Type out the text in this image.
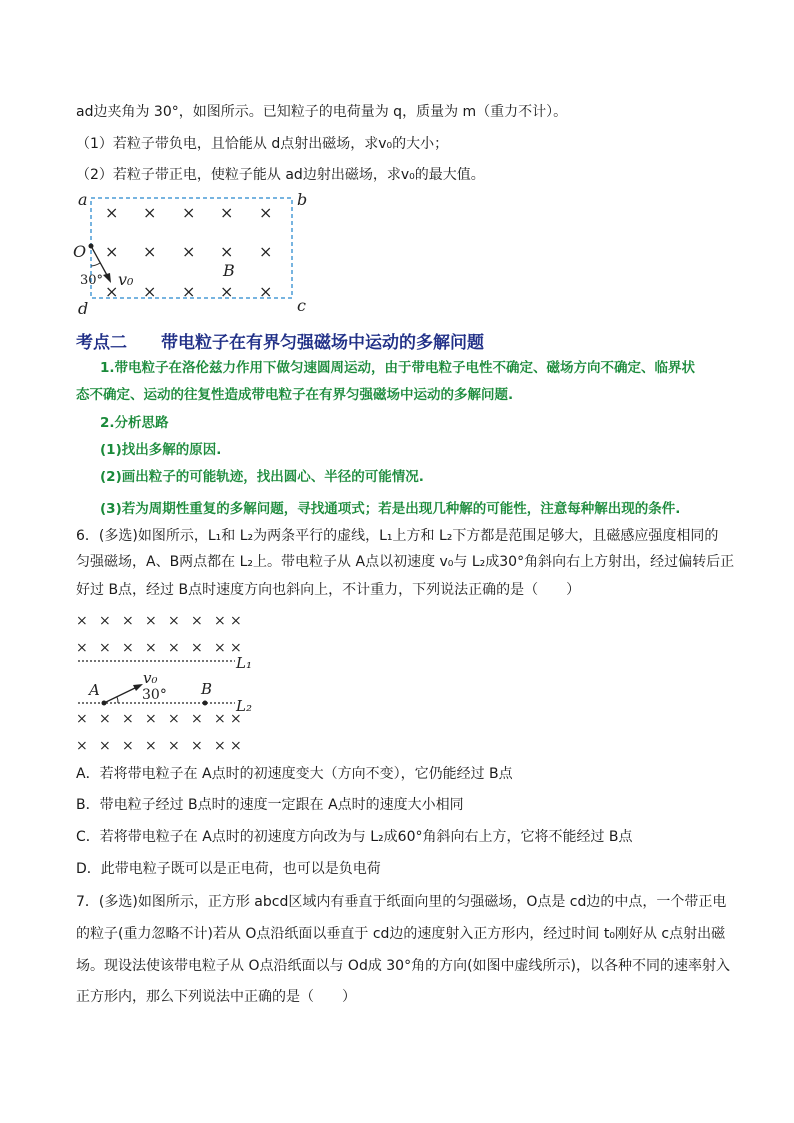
ad边夹角为 30°，如图所示。已知粒子的电荷量为 q，质量为 m（重力不计）。
（1）若粒子带负电，且恰能从 d点射出磁场，求v₀的大小；
（2）若粒子带正电，使粒子能从 ad边射出磁场，求v₀的最大值。
× × × × ×
× × × × ×
× × × × ×
a	b
c
d
O
B
v₀
30°
× × × × × × × ×
× × × × × × × ×
× × × × × × × ×
× × × × × × × ×
L₁
L₂
A	B
v₀
30°
考点二 带电粒子在有界匀强磁场中运动的多解问题
1.带电粒子在洛伦兹力作用下做匀速圆周运动，由于带电粒子电性不确定、磁场方向不确定、临界状
态不确定、运动的往复性造成带电粒子在有界匀强磁场中运动的多解问题.
2.分析思路
(1)找出多解的原因.
(2)画出粒子的可能轨迹，找出圆心、半径的可能情况.
(3)若为周期性重复的多解问题，寻找通项式；若是出现几种解的可能性，注意每种解出现的条件.
6．(多选)如图所示，L₁和 L₂为两条平行的虚线，L₁上方和 L₂下方都是范围足够大，且磁感应强度相同的
匀强磁场，A、B两点都在 L₂上。带电粒子从 A点以初速度 v₀与 L₂成30°角斜向右上方射出，经过偏转后正
好过 B点，经过 B点时速度方向也斜向上，不计重力，下列说法正确的是（　　）
A．若将带电粒子在 A点时的初速度变大（方向不变），它仍能经过 B点
B．带电粒子经过 B点时的速度一定跟在 A点时的速度大小相同
C．若将带电粒子在 A点时的初速度方向改为与 L₂成60°角斜向右上方，它将不能经过 B点
D．此带电粒子既可以是正电荷，也可以是负电荷
7．(多选)如图所示，正方形 abcd区域内有垂直于纸面向里的匀强磁场，O点是 cd边的中点，一个带正电
的粒子(重力忽略不计)若从 O点沿纸面以垂直于 cd边的速度射入正方形内，经过时间 t₀刚好从 c点射出磁
场。现设法使该带电粒子从 O点沿纸面以与 Od成 30°角的方向(如图中虚线所示)，以各种不同的速率射入
正方形内，那么下列说法中正确的是（　　）
